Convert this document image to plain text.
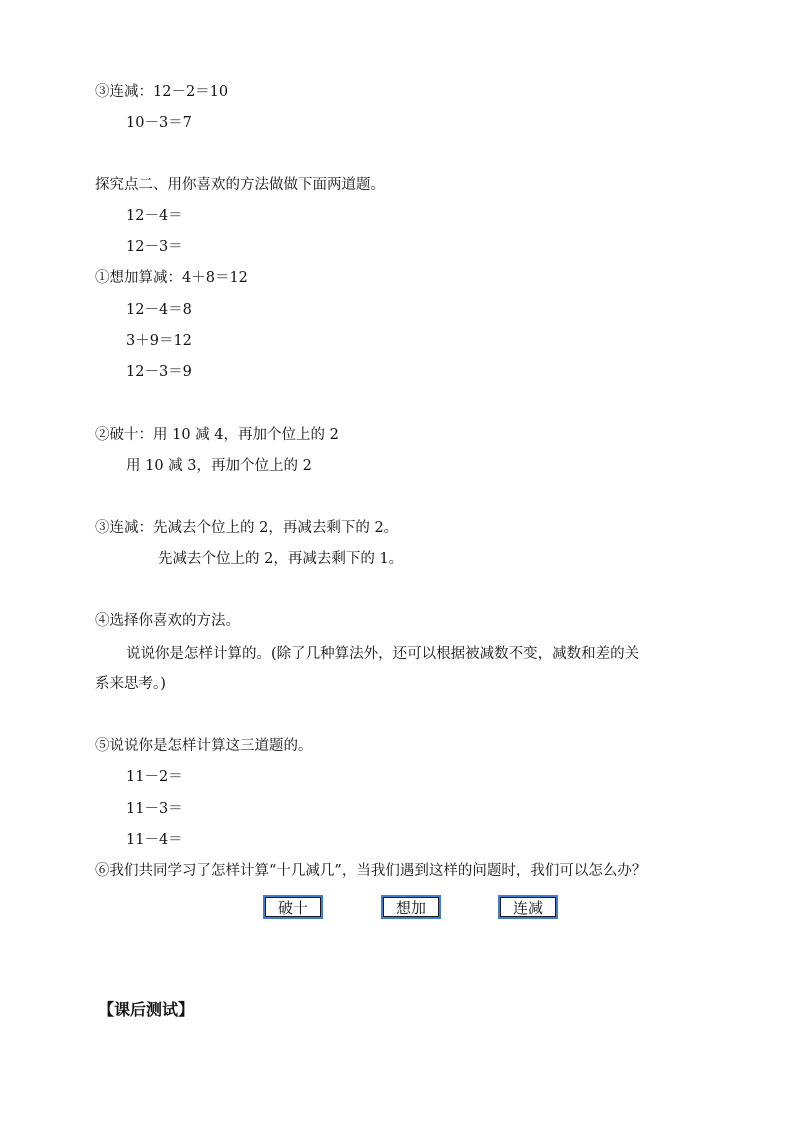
③连减：12－2＝10
10－3＝7
探究点二、用你喜欢的方法做做下面两道题。
12－4＝
12－3＝
①想加算减：4＋8＝12
12－4＝8
3＋9＝12
12－3＝9
②破十：用 10 减 4，再加个位上的 2
用 10 减 3，再加个位上的 2
③连减：先减去个位上的 2，再减去剩下的 2。
先减去个位上的 2，再减去剩下的 1。
④选择你喜欢的方法。
说说你是怎样计算的。(除了几种算法外，还可以根据被减数不变，减数和差的关
系来思考。)
⑤说说你是怎样计算这三道题的。
11－2＝
11－3＝
11－4＝
⑥我们共同学习了怎样计算“十几减几”，当我们遇到这样的问题时，我们可以怎么办？
破十	想加	连减
【课后测试】
